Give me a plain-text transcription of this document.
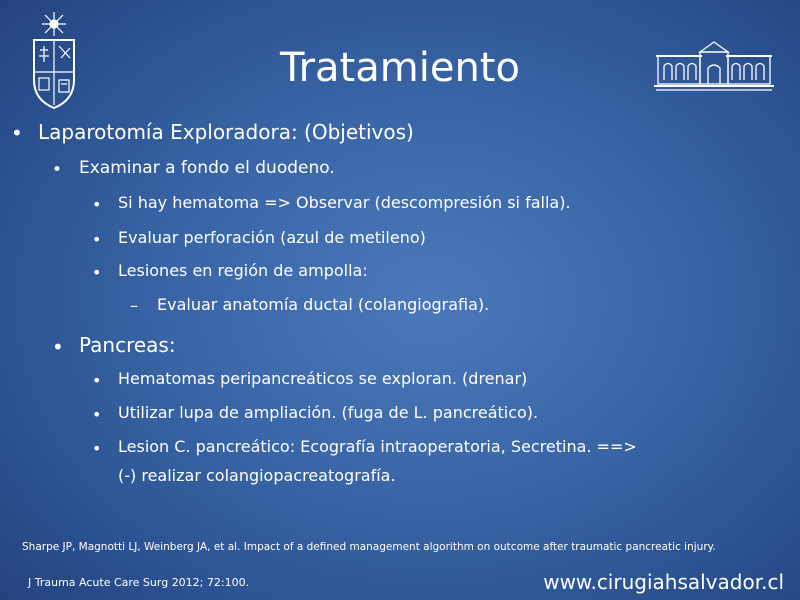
Tratamiento
• Laparotomía Exploradora: (Objetivos)
• Examinar a fondo el duodeno.
• Si hay hematoma => Observar (descompresión si falla).
• Evaluar perforación (azul de metileno)
• Lesiones en región de ampolla:
– Evaluar anatomía ductal (colangiografia).
• Pancreas:
• Hematomas peripancreáticos se exploran. (drenar)
• Utilizar lupa de ampliación. (fuga de L. pancreático).
• Lesion C. pancreático: Ecografía intraoperatoria, Secretina. ==>
(-) realizar colangiopacreatografía.
Sharpe JP, Magnotti LJ, Weinberg JA, et al. Impact of a defined management algorithm on outcome after traumatic pancreatic injury.
J Trauma Acute Care Surg 2012; 72:100.	www.cirugiahsalvador.cl
